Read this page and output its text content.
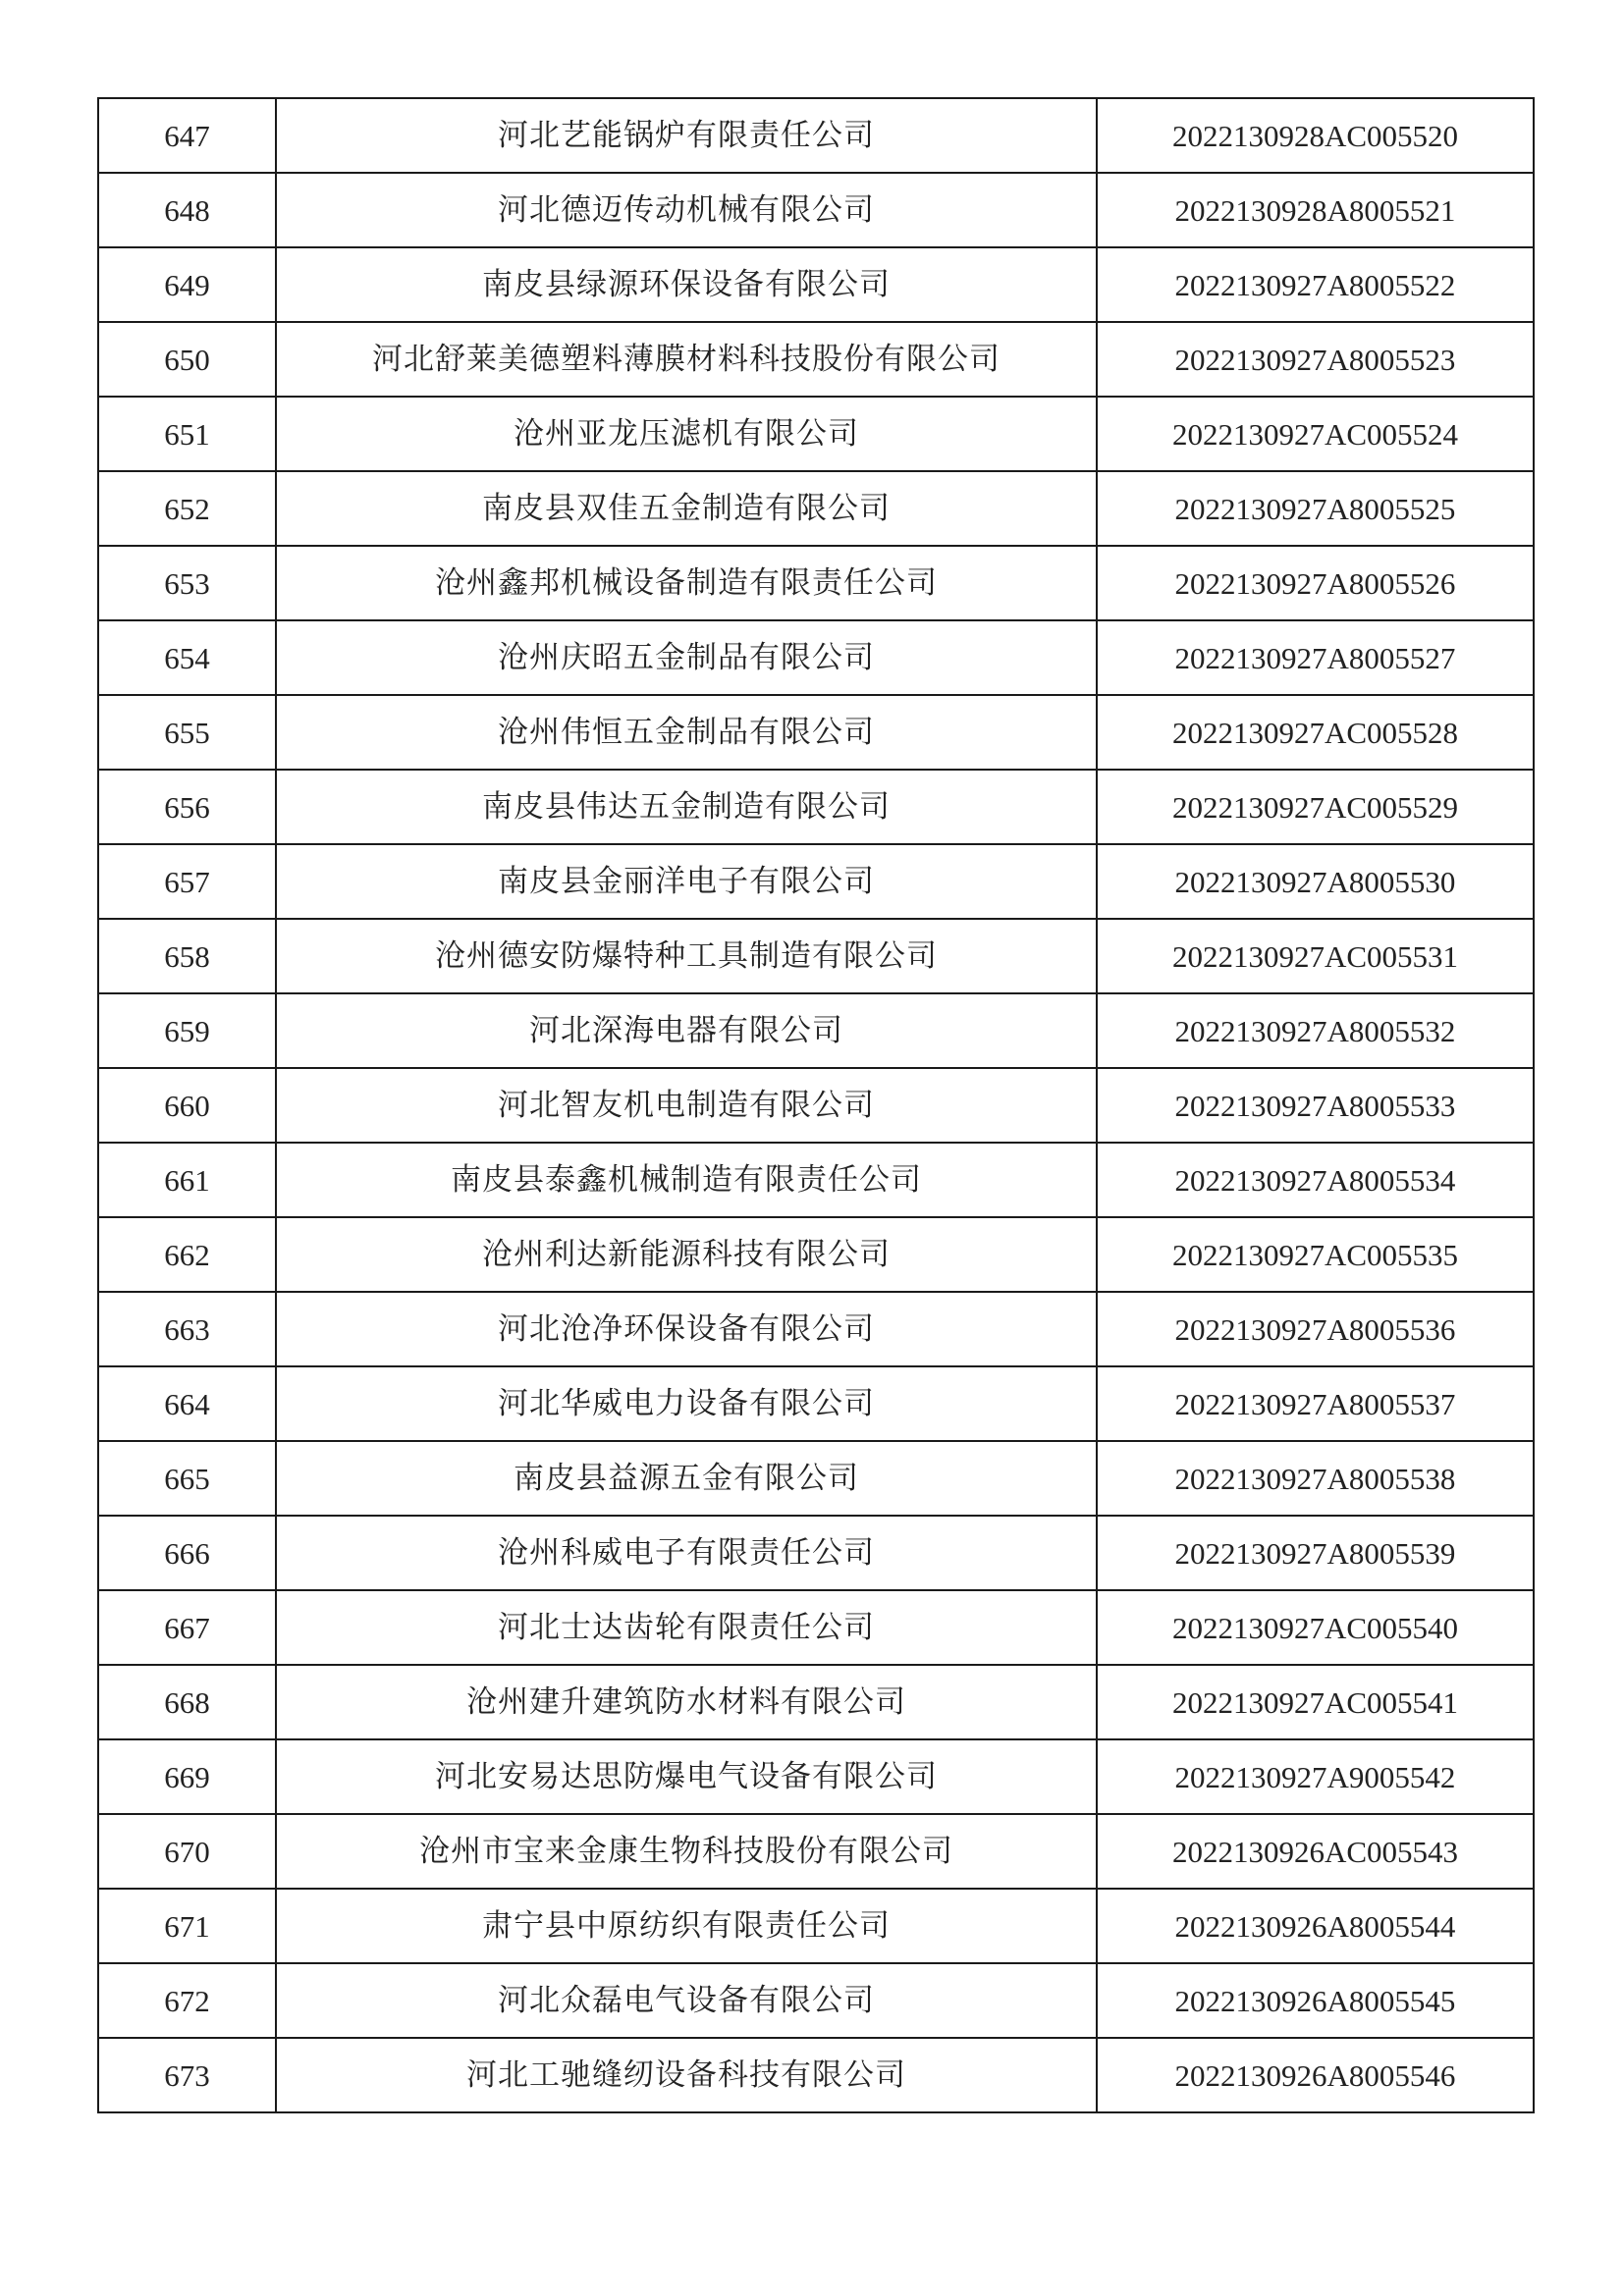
647	河北艺能锅炉有限责任公司	2022130928AC005520
648	河北德迈传动机械有限公司	2022130928A8005521
649	南皮县绿源环保设备有限公司	2022130927A8005522
650	河北舒莱美德塑料薄膜材料科技股份有限公司	2022130927A8005523
651	沧州亚龙压滤机有限公司	2022130927AC005524
652	南皮县双佳五金制造有限公司	2022130927A8005525
653	沧州鑫邦机械设备制造有限责任公司	2022130927A8005526
654	沧州庆昭五金制品有限公司	2022130927A8005527
655	沧州伟恒五金制品有限公司	2022130927AC005528
656	南皮县伟达五金制造有限公司	2022130927AC005529
657	南皮县金丽洋电子有限公司	2022130927A8005530
658	沧州德安防爆特种工具制造有限公司	2022130927AC005531
659	河北深海电器有限公司	2022130927A8005532
660	河北智友机电制造有限公司	2022130927A8005533
661	南皮县泰鑫机械制造有限责任公司	2022130927A8005534
662	沧州利达新能源科技有限公司	2022130927AC005535
663	河北沧净环保设备有限公司	2022130927A8005536
664	河北华威电力设备有限公司	2022130927A8005537
665	南皮县益源五金有限公司	2022130927A8005538
666	沧州科威电子有限责任公司	2022130927A8005539
667	河北士达齿轮有限责任公司	2022130927AC005540
668	沧州建升建筑防水材料有限公司	2022130927AC005541
669	河北安易达思防爆电气设备有限公司	2022130927A9005542
670	沧州市宝来金康生物科技股份有限公司	2022130926AC005543
671	肃宁县中原纺织有限责任公司	2022130926A8005544
672	河北众磊电气设备有限公司	2022130926A8005545
673	河北工驰缝纫设备科技有限公司	2022130926A8005546
